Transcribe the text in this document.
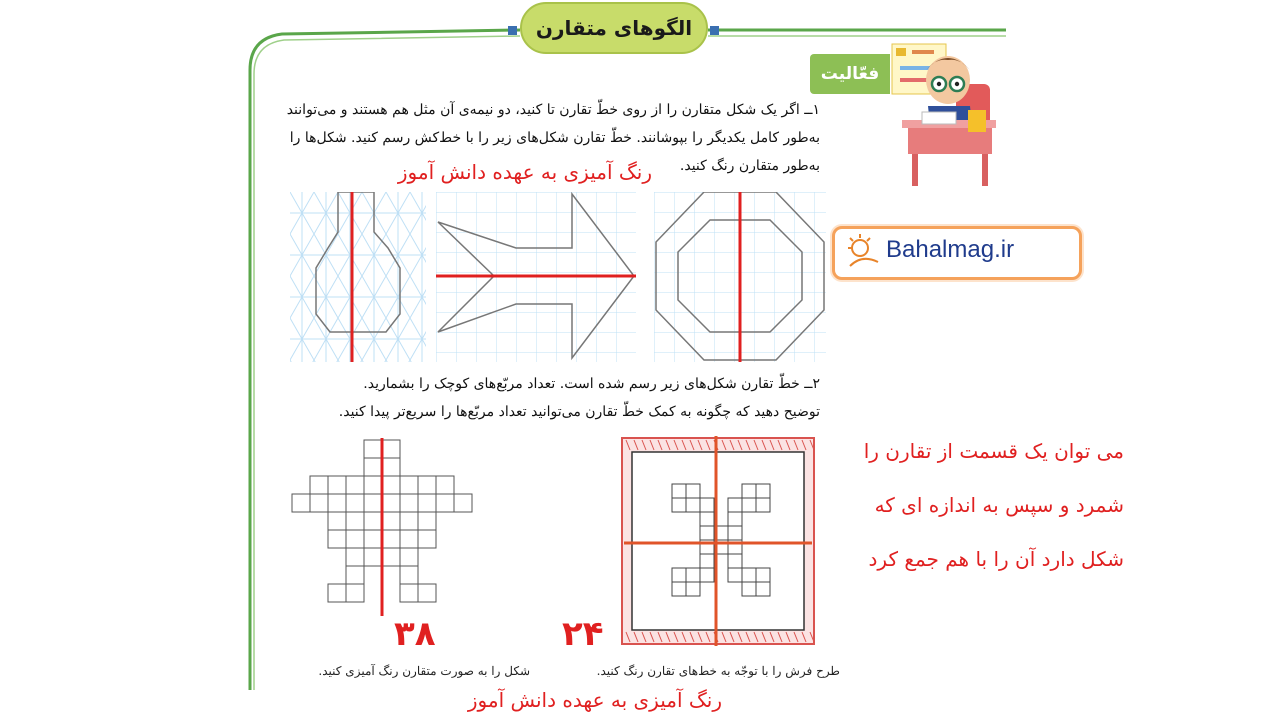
الگوهای متقارن
فعّالیت
۱ــ اگر یک شکل متقارن را از روی خطّ تقارن تا کنید، دو نیمه‌ی آن مثل هم هستند و می‌توانند
به‌طور کامل یکدیگر را بپوشانند. خطّ تقارن شکل‌های زیر را با خط‌کش رسم کنید. شکل‌ها را
به‌طور متقارن رنگ کنید.
رنگ آمیزی به عهده دانش آموز
Bahalmag.ir
۲ــ خطّ تقارن شکل‌های زیر رسم شده است. تعداد مربّع‌های کوچک را بشمارید.
توضیح دهید که چگونه به کمک خطّ تقارن می‌توانید تعداد مربّع‌ها را سریع‌تر پیدا کنید.
می توان یک قسمت از تقارن را
شمرد و سپس به اندازه ای که
شکل دارد آن را با هم جمع کرد
۳۸	۲۴
شکل را به صورت متقارن رنگ آمیزی کنید.	طرح فرش را با توجّه به خط‌های تقارن رنگ کنید.
رنگ آمیزی به عهده دانش آموز
